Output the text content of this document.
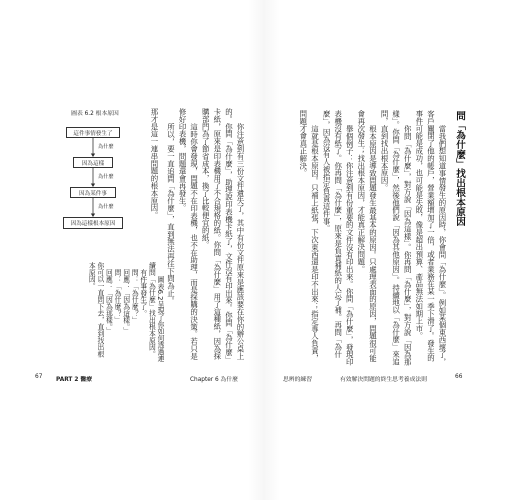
問「為什麼」找出根本原因

當我們想知道事情發生的原因時，你會問「為什麼」。例如某個東西壞了，客戶關閉了他的帳戶，營業額增加了一倍，或者業務在某一季下滑了。發生的事件可能是成功，也可能是失敗，像是超出預算、產品無法如期上市。

你問「為什麼」，對方說「因為這樣」。你再問「為什麼」，對方說「因為那樣」。你問「為什麼」，然後他們說「因為其他原因」。持續地以「為什麼」來追問，直到找出根本原因。

根本原因是導致問題發生最基本的原因。只處理表面的原因，問題很可能會再次發生；找出根本原因，才能真正解決問題。

舉個例子：你注意到有份重要的文件沒有印出來。你問「為什麼」，發現印表機沒有紙了。你再問「為什麼」，原來是負責補紙的人忘了補。再問「為什麼」，因為沒有人被指定負責這件事。

這就是根本原因。只補上紙張，下次東西還是印不出來；指定專人負責，問題才會真正解決。

你注意到有三份文件遺失了，其中有份文件原來是應該要在你的辦公桌上的。你問「為什麼」，助理說印表機卡紙了，文件沒有印出來。你問「為什麼」卡紙，原來是印表機用了不合規格的紙。你問「為什麼」用了這種紙，因為採購部門為了節省成本，換了比較便宜的紙。

這時你會發現，問題不在印表機，也不在助理，而是採購的決策。若只是修好印表機，問題還會再發生。

所以，要一直追問「為什麼」，直到無法再往下問為止。

那才是這一連串問題的根本原因。

圖表 6.2 根本原因
這件事情發生了
為什麼
因為這樣
為什麼
因為某件事
為什麼
因為這樣根本原因

圖表6.2呈現了你如何透過連續問「為什麼」找出根本原因。

有件事發生了。

問：「為什麼？」

回應：「因為這樣。」

問：「為什麼？」

回應：「因為那樣。」

你可以一直問下去，直到找出根本原因。

67 PART 2 醫療	Chapter 6 為什麼	思辨的練習	有效解決問題的終生思考養成法則	66
